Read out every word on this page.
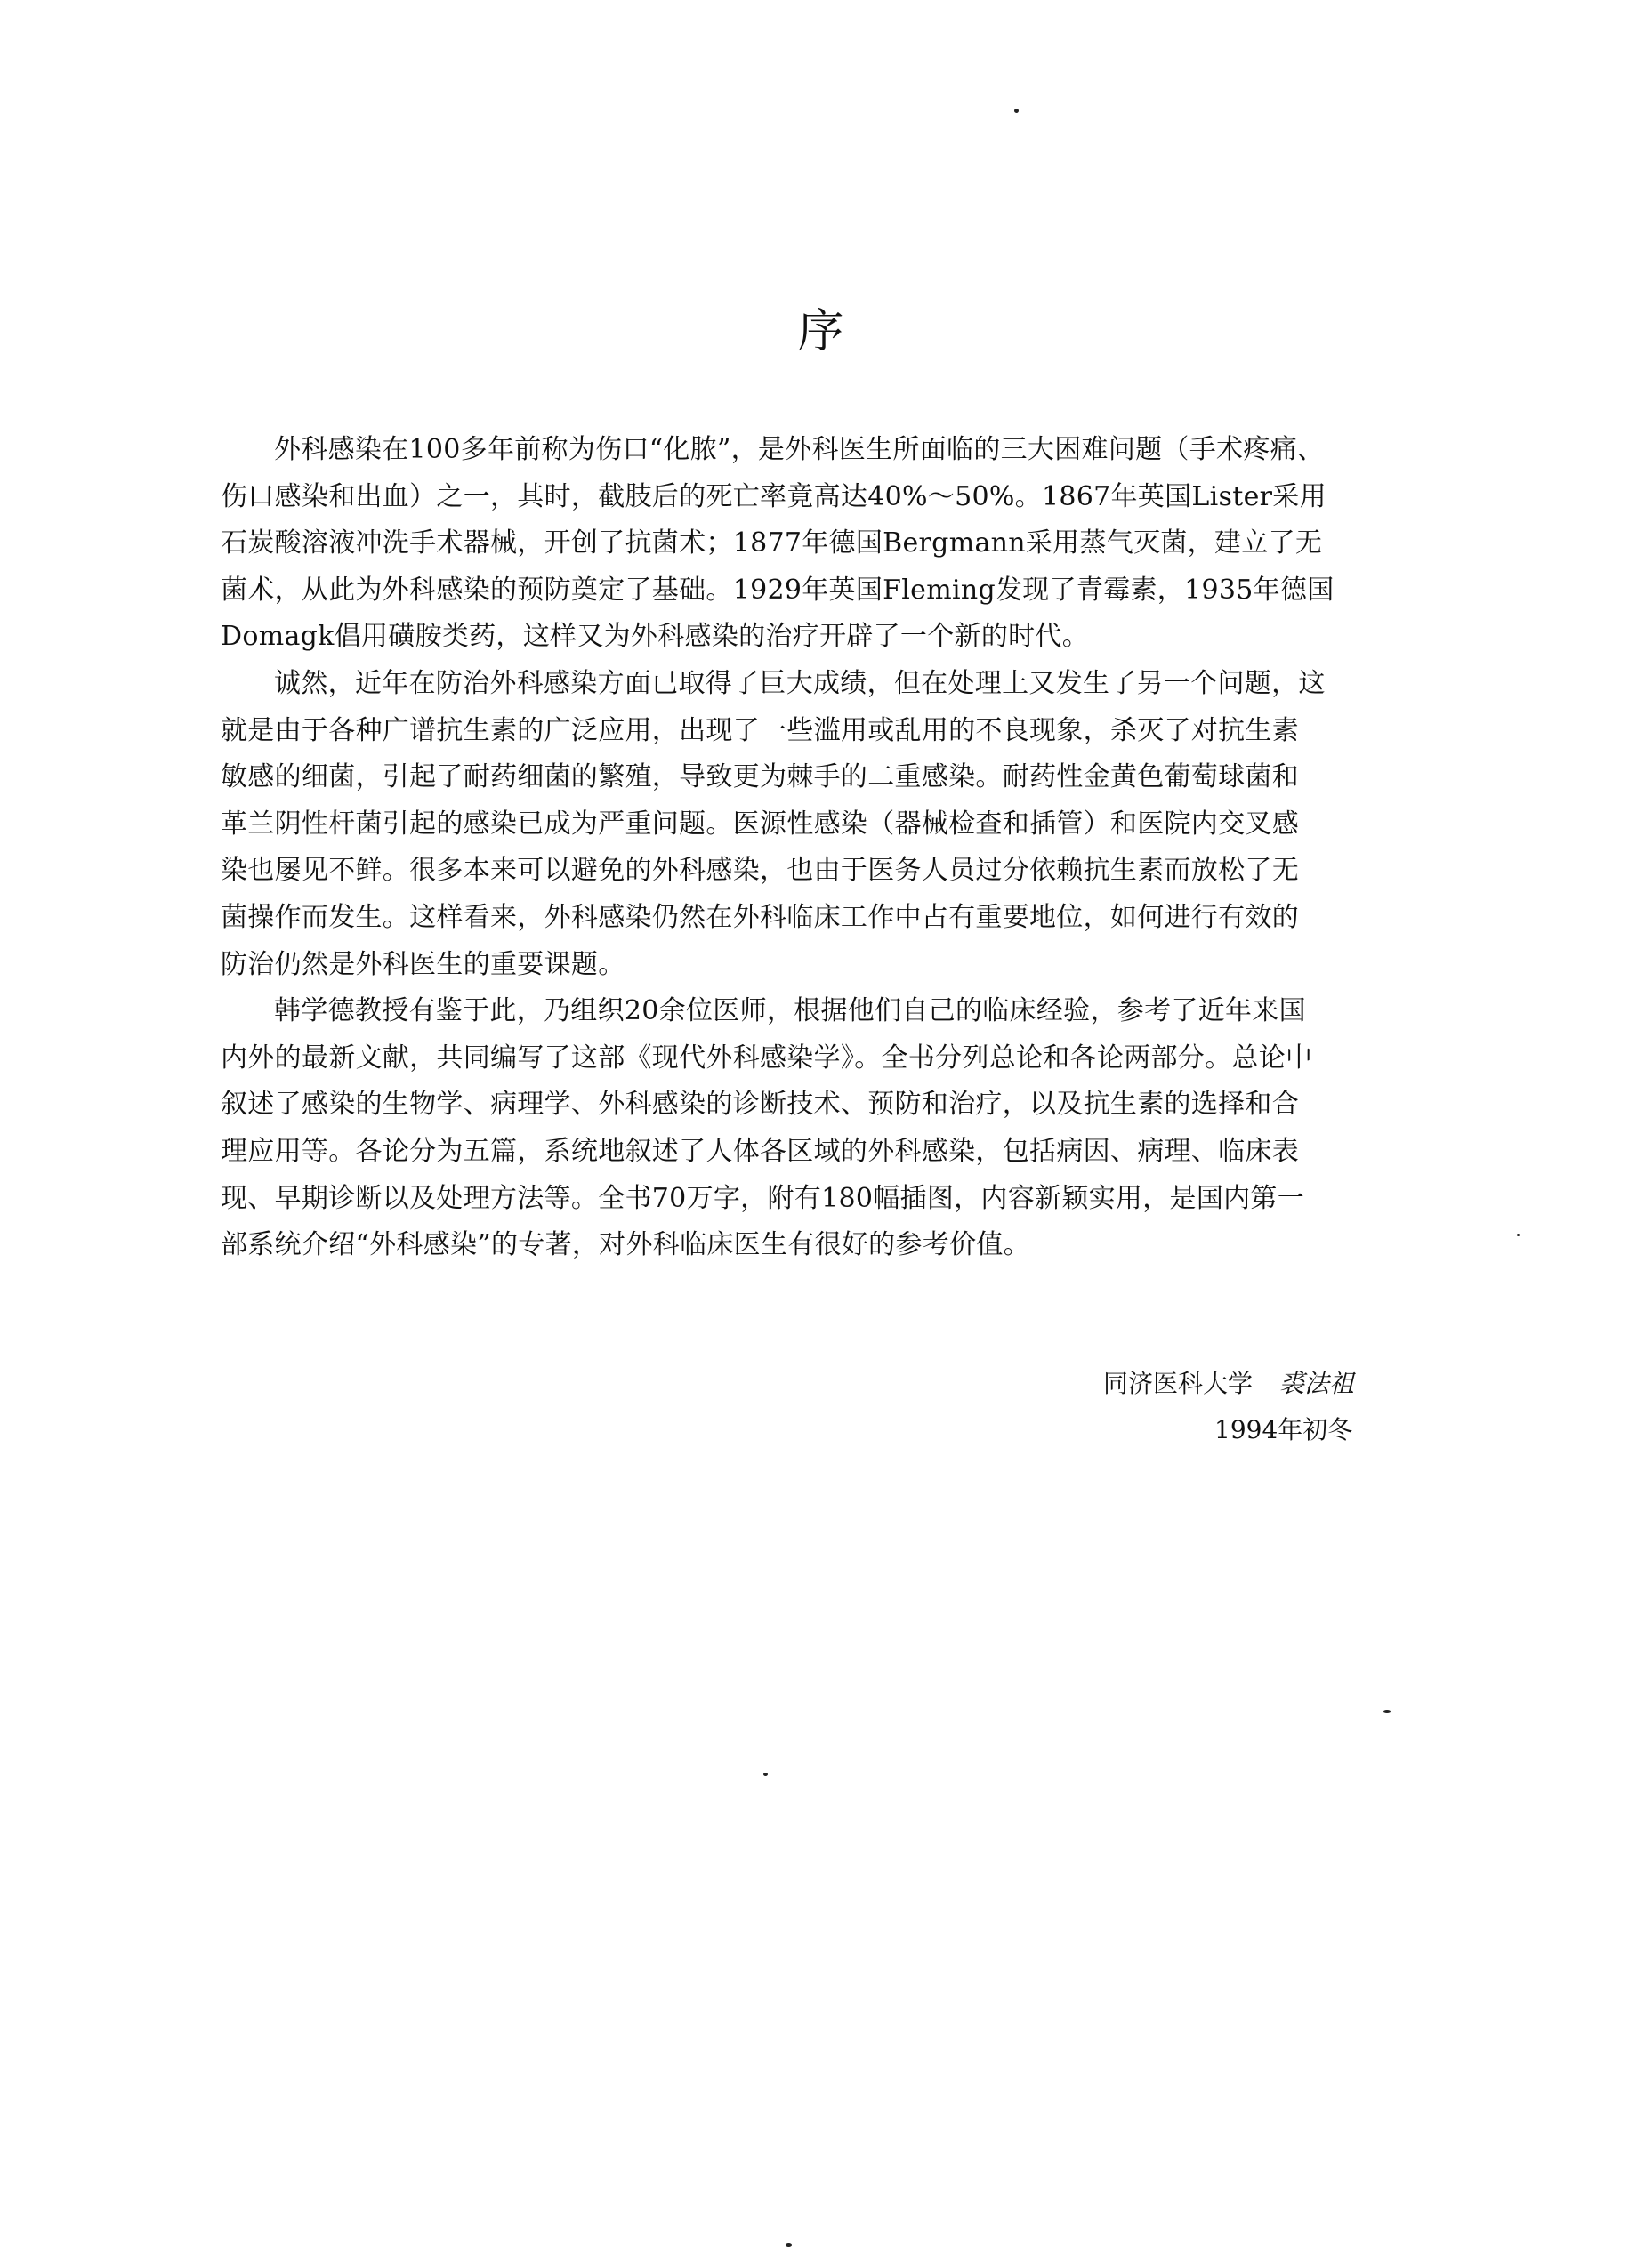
序

外科感染在100多年前称为伤口“化脓”，是外科医生所面临的三大困难问题（手术疼痛、
伤口感染和出血）之一，其时，截肢后的死亡率竟高达40%～50%。1867年英国Lister采用
石炭酸溶液冲洗手术器械，开创了抗菌术；1877年德国Bergmann采用蒸气灭菌，建立了无
菌术，从此为外科感染的预防奠定了基础。1929年英国Fleming发现了青霉素，1935年德国
Domagk倡用磺胺类药，这样又为外科感染的治疗开辟了一个新的时代。

诚然，近年在防治外科感染方面已取得了巨大成绩，但在处理上又发生了另一个问题，这
就是由于各种广谱抗生素的广泛应用，出现了一些滥用或乱用的不良现象，杀灭了对抗生素
敏感的细菌，引起了耐药细菌的繁殖，导致更为棘手的二重感染。耐药性金黄色葡萄球菌和
革兰阴性杆菌引起的感染已成为严重问题。医源性感染（器械检查和插管）和医院内交叉感
染也屡见不鲜。很多本来可以避免的外科感染，也由于医务人员过分依赖抗生素而放松了无
菌操作而发生。这样看来，外科感染仍然在外科临床工作中占有重要地位，如何进行有效的
防治仍然是外科医生的重要课题。

韩学德教授有鉴于此，乃组织20余位医师，根据他们自己的临床经验，参考了近年来国
内外的最新文献，共同编写了这部《现代外科感染学》。全书分列总论和各论两部分。总论中
叙述了感染的生物学、病理学、外科感染的诊断技术、预防和治疗，以及抗生素的选择和合
理应用等。各论分为五篇，系统地叙述了人体各区域的外科感染，包括病因、病理、临床表
现、早期诊断以及处理方法等。全书70万字，附有180幅插图，内容新颖实用，是国内第一
部系统介绍“外科感染”的专著，对外科临床医生有很好的参考价值。

同济医科大学 裘法祖
1994年初冬
